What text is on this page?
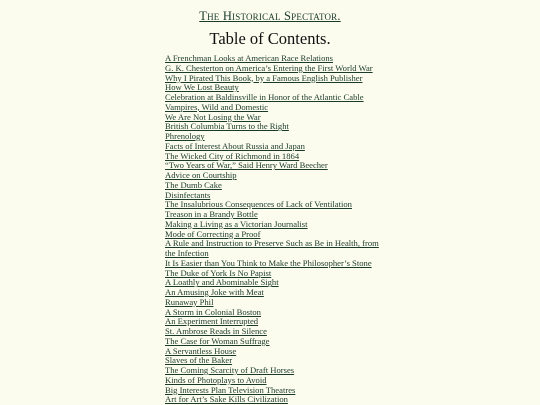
The Historical Spectator.
Table of Contents.
A Frenchman Looks at American Race Relations
G. K. Chesterton on America’s Entering the First World War
Why I Pirated This Book, by a Famous English Publisher
How We Lost Beauty
Celebration at Baldinsville in Honor of the Atlantic Cable
Vampires, Wild and Domestic
We Are Not Losing the War
British Columbia Turns to the Right
Phrenology
Facts of Interest About Russia and Japan
The Wicked City of Richmond in 1864
“Two Years of War,” Said Henry Ward Beecher
Advice on Courtship
The Dumb Cake
Disinfectants
The Insalubrious Consequences of Lack of Ventilation
Treason in a Brandy Bottle
Making a Living as a Victorian Journalist
Mode of Correcting a Proof
A Rule and Instruction to Preserve Such as Be in Health, from the Infection
It Is Easier than You Think to Make the Philosopher’s Stone
The Duke of York Is No Papist
A Loathly and Abominable Sight
An Amusing Joke with Meat
Runaway Phil
A Storm in Colonial Boston
An Experiment Interrupted
St. Ambrose Reads in Silence
The Case for Woman Suffrage
A Servantless House
Slaves of the Baker
The Coming Scarcity of Draft Horses
Kinds of Photoplays to Avoid
Big Interests Plan Television Theatres
Art for Art’s Sake Kills Civilization
